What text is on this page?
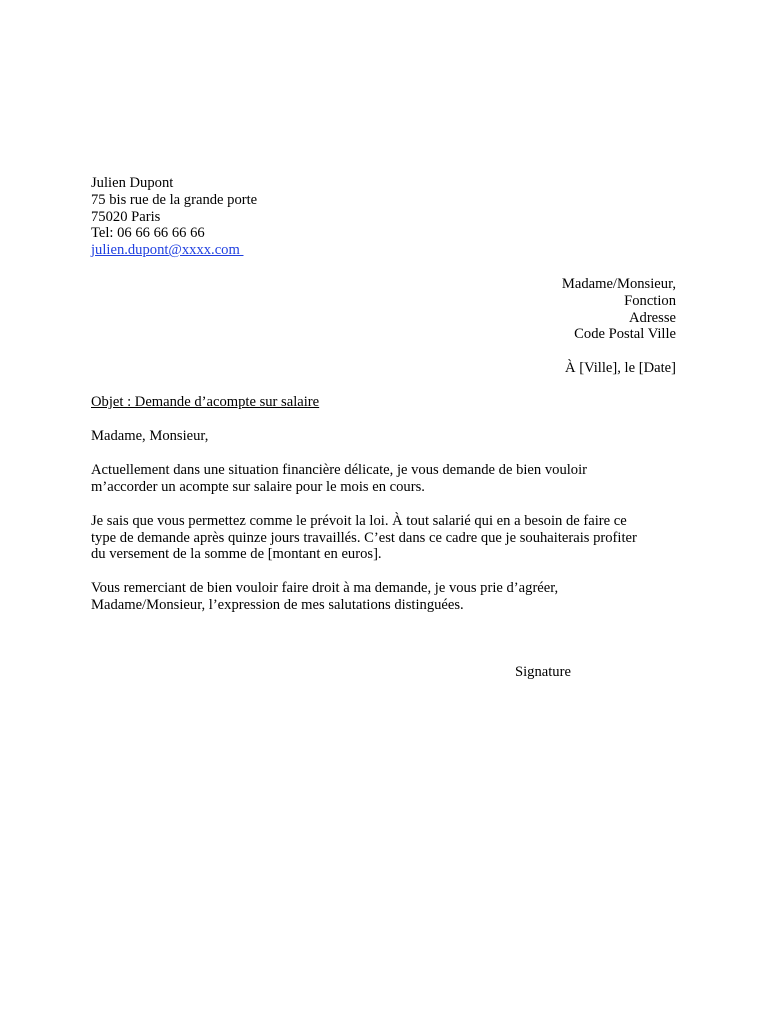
Julien Dupont
75 bis rue de la grande porte
75020 Paris
Tel: 06 66 66 66 66
julien.dupont@xxxx.com
Madame/Monsieur,
Fonction
Adresse
Code Postal Ville
À [Ville], le [Date]
Objet : Demande d’acompte sur salaire
Madame, Monsieur,
Actuellement dans une situation financière délicate, je vous demande de bien vouloir
m’accorder un acompte sur salaire pour le mois en cours.
Je sais que vous permettez comme le prévoit la loi. À tout salarié qui en a besoin de faire ce
type de demande après quinze jours travaillés. C’est dans ce cadre que je souhaiterais profiter
du versement de la somme de [montant en euros].
Vous remerciant de bien vouloir faire droit à ma demande, je vous prie d’agréer,
Madame/Monsieur, l’expression de mes salutations distinguées.
Signature
